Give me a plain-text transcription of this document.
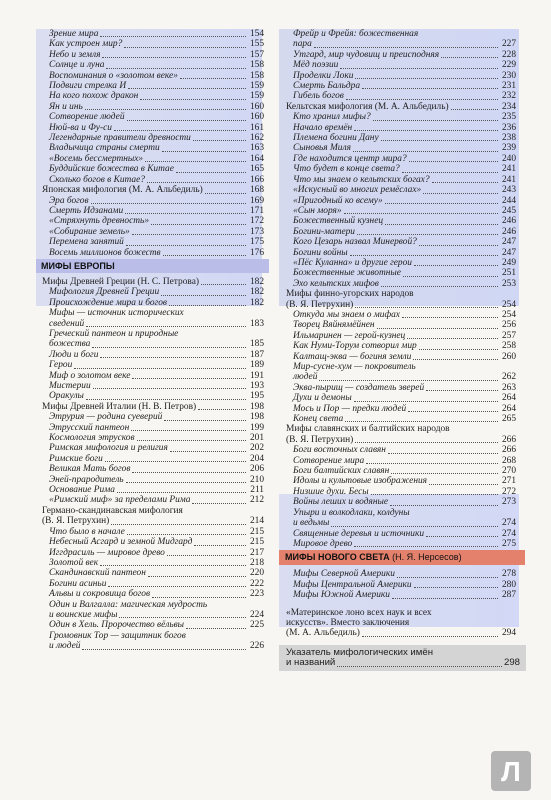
Зрение мира	154
Как устроен мир?	155
Небо и земля	157
Солнце и луна	158
Воспоминания о «золотом веке»	158
Подвиги стрелка И	159
На кого похож дракон	159
Ян и инь	160
Сотворение людей	160
Нюй-ва и Фу-си	161
Легендарные правители древности	162
Владычица страны смерти	163
«Восемь бессмертных»	164
Буддийские божества в Китае	165
Сколько богов в Китае?	166
Японская мифология (М. А. Альбедиль)	168
Эра богов	169
Смерть Идзанами	171
«Стряхнуть древность»	172
«Собирание земель»	173
Перемена занятий	175
Восемь миллионов божеств	176
МИФЫ ЕВРОПЫ
Мифы Древней Греции (Н. С. Петрова)	182
Мифология Древней Греции	182
Происхождение мира и богов	182
Мифы — источник исторических
сведений	183
Греческий пантеон и природные
божества	185
Люди и боги	187
Герои	189
Миф о золотом веке	191
Мистерии	193
Оракулы	195
Мифы Древней Италии (Н. В. Петров)	198
Этрурия — родина суеверий	198
Этрусский пантеон	199
Космология этрусков	201
Римская мифология и религия	202
Римские боги	204
Великая Мать богов	206
Эней-прародитель	210
Основание Рима	211
«Римский миф» за пределами Рима	212
Германо-скандинавская мифология
(В. Я. Петрухин)	214
Что было в начале	215
Небесный Асгард и земной Мидгард	215
Иггдрасиль — мировое древо	217
Золотой век	218
Скандинавский пантеон	220
Богини асиньи	222
Альвы и сокровища богов	223
Один и Валгалла: магическая мудрость
и воинские мифы	224
Один в Хель. Пророчество вёльвы	225
Громовник Тор — защитник богов
и людей	226
Фрейр и Фрейя: божественная
пара	227
Утгард, мир чудовищ и преисподняя	228
Мёд поэзии	229
Проделки Локи	230
Смерть Бальдра	231
Гибель богов	232
Кельтская мифология (М. А. Альбедиль)	234
Кто хранил мифы?	235
Начало времён	236
Племена богини Дану	238
Сыновья Миля	239
Где находится центр мира?	240
Что будет в конце света?	241
Что мы знаем о кельтских богах?	241
«Искусный во многих ремёслах»	243
«Пригодный ко всему»	244
«Сын моря»	245
Божественный кузнец	246
Богини-матери	246
Кого Цезарь назвал Минервой?	247
Богини войны	247
«Пёс Куланна» и другие герои	249
Божественные животные	251
Эхо кельтских мифов	253
Мифы финно-угорских народов
(В. Я. Петрухин)	254
Откуда мы знаем о мифах	254
Творец Вяйнямёйнен	256
Ильмаринен — герой-кузнец	257
Как Нуми-Торум сотворил мир	258
Калтащ-эква — богиня земли	260
Мир-сусне-хум — покровитель
людей	262
Эква-пырищ — создатель зверей	263
Духи и демоны	264
Мось и Пор — предки людей	264
Конец света	265
Мифы славянских и балтийских народов
(В. Я. Петрухин)	266
Боги восточных славян	266
Сотворение мира	268
Боги балтийских славян	270
Идолы и культовые изображения	271
Низшие духи. Бесы	272
Войны леших и водяные	273
Упыри и волкодлаки, колдуны
и ведьмы	274
Священные деревья и источники	274
Мировое древо	275
МИФЫ НОВОГО СВЕТА (Н. Я. Нерсесов)
Мифы Северной Америки	278
Мифы Центральной Америки	280
Мифы Южной Америки	287
«Материнское лоно всех наук и всех
искусств». Вместо заключения
(М. А. Альбедиль)	294
Указатель мифологических имён
и названий	298
Л
